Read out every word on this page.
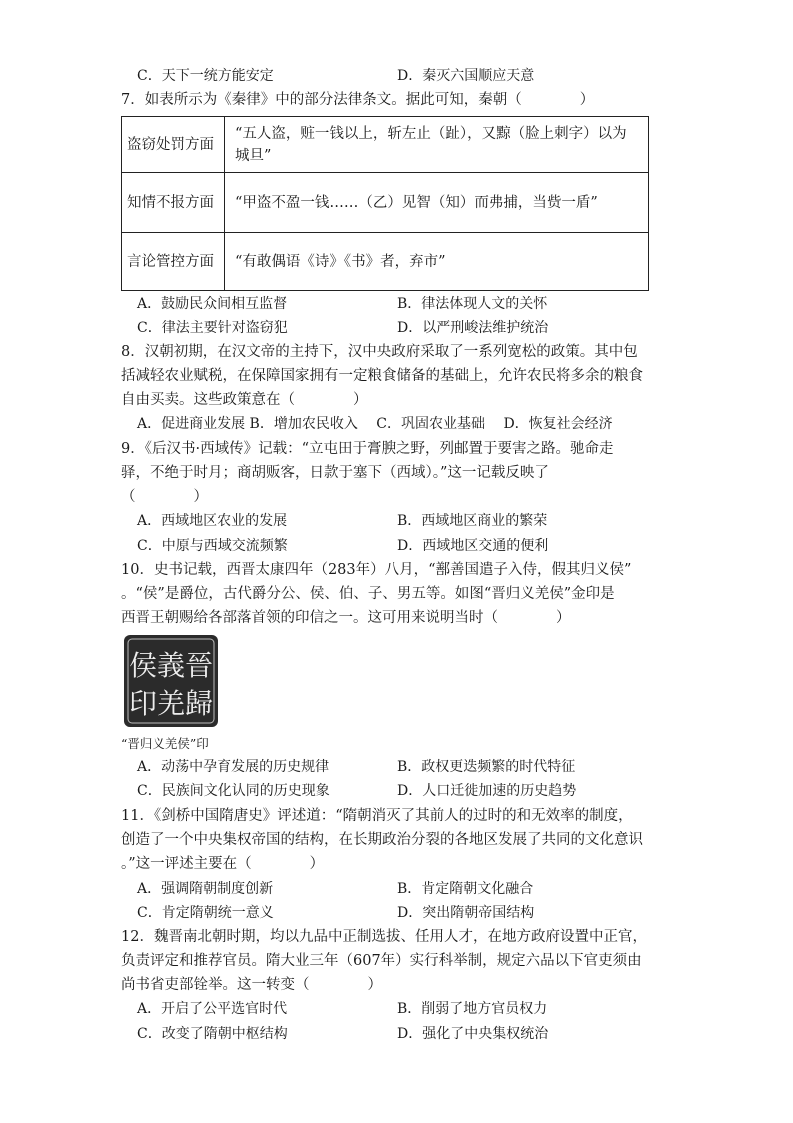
C．天下一统方能安定	D．秦灭六国顺应天意
7．如表所示为《秦律》中的部分法律条文。据此可知，秦朝（　　　　）
盗窃处罚方面	“五人盗，赃一钱以上，斩左止（趾），又黥（脸上刺字）以为城旦”
知情不报方面	“甲盗不盈一钱……（乙）见智（知）而弗捕，当赀一盾”
言论管控方面	“有敢偶语《诗》《书》者，弃市”
A．鼓励民众间相互监督	B．律法体现人文的关怀
C．律法主要针对盗窃犯	D．以严刑峻法维护统治
8．汉朝初期，在汉文帝的主持下，汉中央政府采取了一系列宽松的政策。其中包
括减轻农业赋税，在保障国家拥有一定粮食储备的基础上，允许农民将多余的粮食
自由买卖。这些政策意在（　　　　）
A．促进商业发展 B．增加农民收入　 C．巩固农业基础　 D．恢复社会经济
9．《后汉书·西域传》记载：“立屯田于膏腴之野，列邮置于要害之路。驰命走
驿，不绝于时月；商胡贩客，日款于塞下（西域）。”这一记载反映了
（　　　　）
A．西域地区农业的发展	B．西域地区商业的繁荣
C．中原与西域交流频繁	D．西域地区交通的便利
10．史书记载，西晋太康四年（283年）八月，“鄯善国遣子入侍，假其归义侯”
。“侯”是爵位，古代爵分公、侯、伯、子、男五等。如图“晋归义羌侯”金印是
西晋王朝赐给各部落首领的印信之一。这可用来说明当时（　　　　）
晉
歸
義
羌
侯
印
“晋归义羌侯”印
A．动荡中孕育发展的历史规律	B．政权更迭频繁的时代特征
C．民族间文化认同的历史现象	D．人口迁徙加速的历史趋势
11．《剑桥中国隋唐史》评述道：“隋朝消灭了其前人的过时的和无效率的制度，
创造了一个中央集权帝国的结构，在长期政治分裂的各地区发展了共同的文化意识
。”这一评述主要在（　　　　）
A．强调隋朝制度创新	B．肯定隋朝文化融合
C．肯定隋朝统一意义	D．突出隋朝帝国结构
12．魏晋南北朝时期，均以九品中正制选拔、任用人才，在地方政府设置中正官，
负责评定和推荐官员。隋大业三年（607年）实行科举制，规定六品以下官吏须由
尚书省吏部铨举。这一转变（　　　　）
A．开启了公平选官时代	B．削弱了地方官员权力
C．改变了隋朝中枢结构	D．强化了中央集权统治
